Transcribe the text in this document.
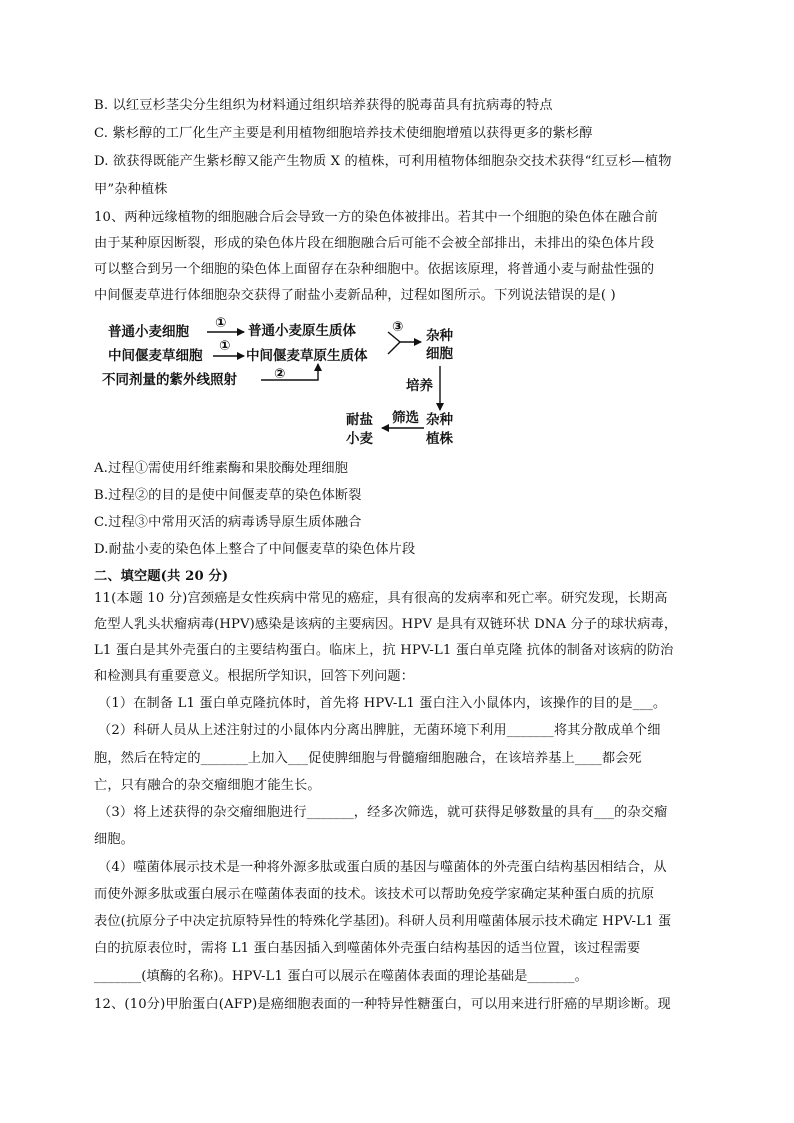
B. 以红豆杉茎尖分生组织为材料通过组织培养获得的脱毒苗具有抗病毒的特点
C. 紫杉醇的工厂化生产主要是利用植物细胞培养技术使细胞增殖以获得更多的紫杉醇
D. 欲获得既能产生紫杉醇又能产生物质 X 的植株，可利用植物体细胞杂交技术获得“红豆杉—植物
甲”杂种植株
10、两种远缘植物的细胞融合后会导致一方的染色体被排出。若其中一个细胞的染色体在融合前
由于某种原因断裂，形成的染色体片段在细胞融合后可能不会被全部排出，未排出的染色体片段
可以整合到另一个细胞的染色体上面留存在杂种细胞中。依据该原理，将普通小麦与耐盐性强的
中间偃麦草进行体细胞杂交获得了耐盐小麦新品种，过程如图所示。下列说法错误的是( )
普通小麦细胞
① 普通小麦原生质体	③
杂种
细胞
中间偃麦草细胞
①
中间偃麦草原生质体
不同剂量的紫外线照射	②
培养
耐盐
小麦
筛选 杂种
植株
A.过程①需使用纤维素酶和果胶酶处理细胞
B.过程②的目的是使中间偃麦草的染色体断裂
C.过程③中常用灭活的病毒诱导原生质体融合
D.耐盐小麦的染色体上整合了中间偃麦草的染色体片段
二、填空题(共 20 分)
11(本题 10 分)宫颈癌是女性疾病中常见的癌症，具有很高的发病率和死亡率。研究发现，长期高
危型人乳头状瘤病毒(HPV)感染是该病的主要病因。HPV 是具有双链环状 DNA 分子的球状病毒，
L1 蛋白是其外壳蛋白的主要结构蛋白。临床上，抗 HPV-L1 蛋白单克隆 抗体的制备对该病的防治
和检测具有重要意义。根据所学知识，回答下列问题：
（1）在制备 L1 蛋白单克隆抗体时，首先将 HPV-L1 蛋白注入小鼠体内，该操作的目的是___。
（2）科研人员从上述注射过的小鼠体内分离出脾脏，无菌环境下利用_______将其分散成单个细
胞，然后在特定的_______上加入___促使脾细胞与骨髓瘤细胞融合，在该培养基上____都会死
亡，只有融合的杂交瘤细胞才能生长。
（3）将上述获得的杂交瘤细胞进行_______，经多次筛选，就可获得足够数量的具有___的杂交瘤
细胞。
（4）噬菌体展示技术是一种将外源多肽或蛋白质的基因与噬菌体的外壳蛋白结构基因相结合，从
而使外源多肽或蛋白展示在噬菌体表面的技术。该技术可以帮助免疫学家确定某种蛋白质的抗原
表位(抗原分子中决定抗原特异性的特殊化学基团)。科研人员利用噬菌体展示技术确定 HPV-L1 蛋
白的抗原表位时，需将 L1 蛋白基因插入到噬菌体外壳蛋白结构基因的适当位置，该过程需要
_______(填酶的名称)。HPV-L1 蛋白可以展示在噬菌体表面的理论基础是_______。
12、(10分)甲胎蛋白(AFP)是癌细胞表面的一种特异性糖蛋白，可以用来进行肝癌的早期诊断。现
